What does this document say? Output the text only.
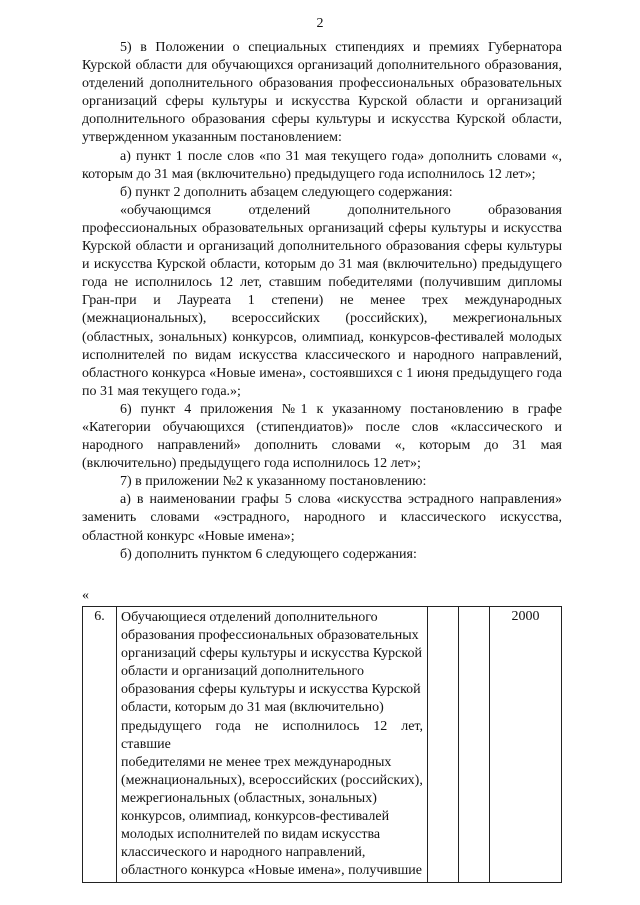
2

5) в Положении о специальных стипендиях и премиях Губернатора Курской области для обучающихся организаций дополнительного образования, отделений дополнительного образования профессиональных образовательных организаций сферы культуры и искусства Курской области и организаций дополнительного образования сферы культуры и искусства Курской области, утвержденном указанным постановлением:

а) пункт 1 после слов «по 31 мая текущего года» дополнить словами «, которым до 31 мая (включительно) предыдущего года исполнилось 12 лет»;

б) пункт 2 дополнить абзацем следующего содержания:

«обучающимся отделений дополнительного образования профессиональных образовательных организаций сферы культуры и искусства Курской области и организаций дополнительного образования сферы культуры и искусства Курской области, которым до 31 мая (включительно) предыдущего года не исполнилось 12 лет, ставшим победителями (получившим дипломы Гран-при и Лауреата 1 степени) не менее трех международных (межнациональных), всероссийских (российских), межрегиональных (областных, зональных) конкурсов, олимпиад, конкурсов-фестивалей молодых исполнителей по видам искусства классического и народного направлений, областного конкурса «Новые имена», состоявшихся с 1 июня предыдущего года по 31 мая текущего года.»;

6) пункт 4 приложения №1 к указанному постановлению в графе «Категории обучающихся (стипендиатов)» после слов «классического и народного направлений» дополнить словами «, которым до 31 мая (включительно) предыдущего года исполнилось 12 лет»;

7) в приложении №2 к указанному постановлению:

а) в наименовании графы 5 слова «искусства эстрадного направления» заменить словами «эстрадного, народного и классического искусства, областной конкурс «Новые имена»;

б) дополнить пунктом 6 следующего содержания:

«
6.	Обучающиеся отделений дополнительного
образования профессиональных образовательных
организаций сферы культуры и искусства Курской
области и организаций дополнительного
образования сферы культуры и искусства Курской
области, которым до 31 мая (включительно)
предыдущего года не исполнилось 12 лет, ставшие
победителями не менее трех международных
(межнациональных), всероссийских (российских),
межрегиональных (областных, зональных)
конкурсов, олимпиад, конкурсов-фестивалей
молодых исполнителей по видам искусства
классического и народного направлений,
областного конкурса «Новые имена», получившие
			2000
